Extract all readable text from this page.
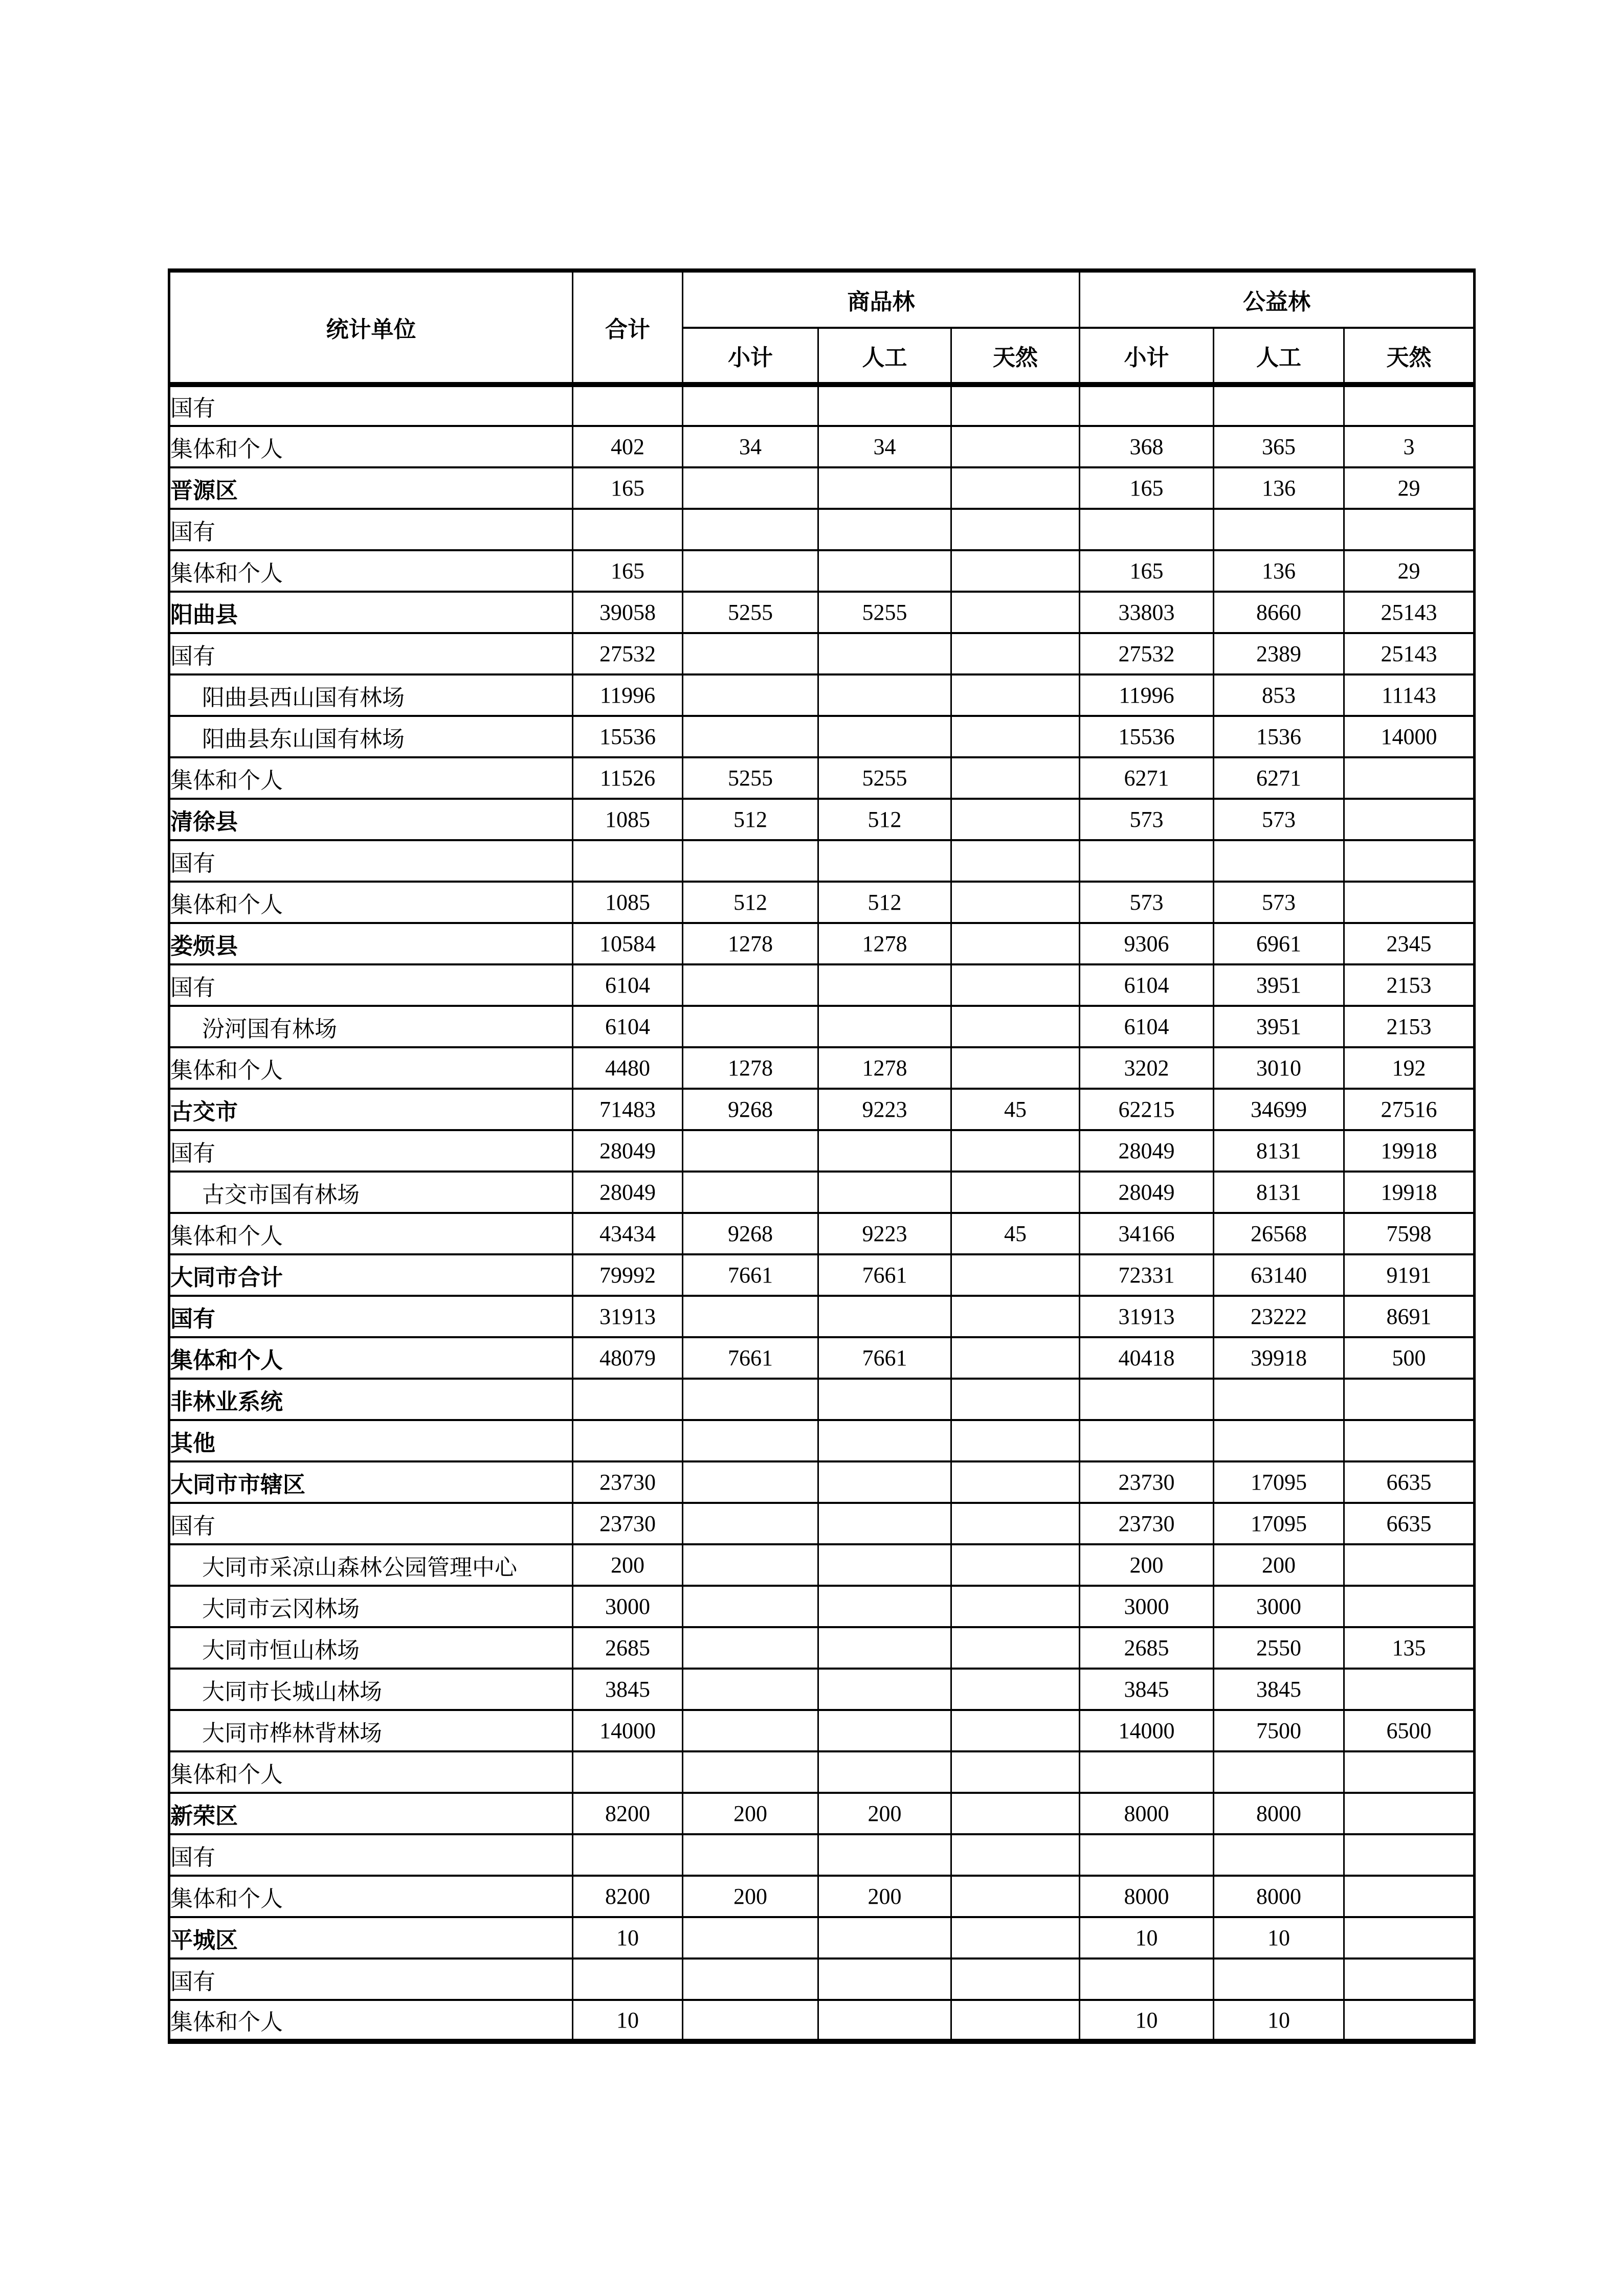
统计单位	合计	商品林			公益林		
		小计	人工	天然	小计	人工	天然
国有							
集体和个人	402	34	34		368	365	3
晋源区	165				165	136	29
国有							
集体和个人	165				165	136	29
阳曲县	39058	5255	5255		33803	8660	25143
国有	27532				27532	2389	25143
阳曲县西山国有林场	11996				11996	853	11143
阳曲县东山国有林场	15536				15536	1536	14000
集体和个人	11526	5255	5255		6271	6271	
清徐县	1085	512	512		573	573	
国有							
集体和个人	1085	512	512		573	573	
娄烦县	10584	1278	1278		9306	6961	2345
国有	6104				6104	3951	2153
汾河国有林场	6104				6104	3951	2153
集体和个人	4480	1278	1278		3202	3010	192
古交市	71483	9268	9223	45	62215	34699	27516
国有	28049				28049	8131	19918
古交市国有林场	28049				28049	8131	19918
集体和个人	43434	9268	9223	45	34166	26568	7598
大同市合计	79992	7661	7661		72331	63140	9191
国有	31913				31913	23222	8691
集体和个人	48079	7661	7661		40418	39918	500
非林业系统							
其他							
大同市市辖区	23730				23730	17095	6635
国有	23730				23730	17095	6635
大同市采凉山森林公园管理中心	200				200	200	
大同市云冈林场	3000				3000	3000	
大同市恒山林场	2685				2685	2550	135
大同市长城山林场	3845				3845	3845	
大同市桦林背林场	14000				14000	7500	6500
集体和个人							
新荣区	8200	200	200		8000	8000	
国有							
集体和个人	8200	200	200		8000	8000	
平城区	10				10	10	
国有							
集体和个人	10				10	10	
